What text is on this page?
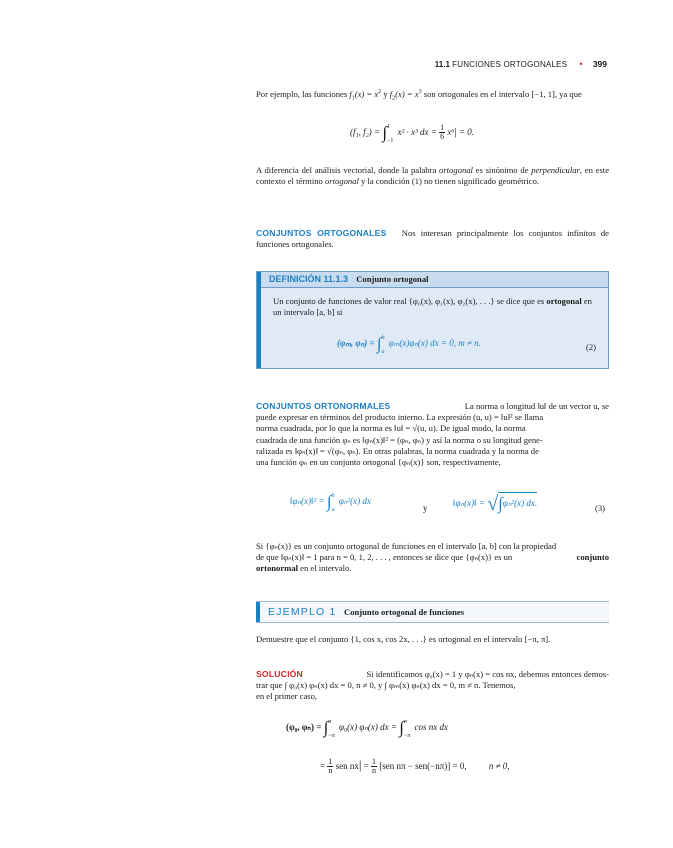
11.1 FUNCIONES ORTOGONALES • 399
Por ejemplo, las funciones $f_1(x) = x^2$ y $f_2(x) = x^3$ son ortogonales en el intervalo [−1, 1], ya que
(f₁, f₂) = ∫ 1
−1
x² · x³ dx = $\frac{1}{6} x^6| = 0$.
A diferencia del análisis vectorial, donde la palabra ortogonal es sinónimo de perpendicular, en este contexto el término ortogonal y la condición (1) no tienen significado geométrico.
CONJUNTOS ORTOGONALES Nos interesan principalmente los conjuntos infinitos de funciones ortogonales.
DEFINICIÓN 11.1.3 Conjunto ortogonal
Un conjunto de funciones de valor real {φ₀(x), φ₁(x), φ₂(x), . . .} se dice que es ortogonal en un intervalo [a, b] si
(φₘ, φₙ) = ∫ b
a
φₘ(x)φₙ(x) dx = 0, m ≠ n.	(2)
CONJUNTOS ORTONORMALES	La norma o longitud ‖u‖ de un vector u, se
puede expresar en términos del producto interno. La expresión (u, u) = ‖u‖² se llama
norma cuadrada, por lo que la norma es ‖u‖ = √(u, u). De igual modo, la norma
cuadrada de una función φₙ es ‖φₙ(x)‖² = (φₙ, φₙ) y así la norma o su longitud gene-
ralizada es ‖φₙ(x)‖ = √(φₙ, φₙ). En otras palabras, la norma cuadrada y la norma de
una función φₙ en un conjunto ortogonal {φₙ(x)} son, respectivamente,
‖φₙ(x)‖² = ∫ b
a
φₙ²(x) dx
y	‖φₙ(x)‖ = √∫φₙ²(x) dx.	(3)
Si {φₙ(x)} es un conjunto ortogonal de funciones en el intervalo [a, b] con la propiedad
de que ‖φₙ(x)‖ = 1 para n = 0, 1, 2, . . . , entonces se dice que {φₙ(x)} es un	conjunto
ortonormal en el intervalo.
EJEMPLO 1 Conjunto ortogonal de funciones
Demuestre que el conjunto {1, cos x, cos 2x, . . .} es ortogonal en el intervalo [−π, π].
SOLUCIÓN	Si identificamos φ₀(x) = 1 y φₙ(x) = cos nx, debemos entonces demos-
trar que ∫ φ₀(x) φₙ(x) dx = 0, n ≠ 0, y ∫ φₘ(x) φₙ(x) dx = 0, m ≠ n. Tenemos,
en el primer caso,
(φ₀, φₙ) = ∫ π
−π
φ₀(x) φₙ(x) dx = ∫ π
−π
cos nx dx
= $\frac{1}{n}$ sen $nx| = \frac{1}{n} [sen$ nπ − sen(−nπ)] = 0, n ≠ 0,
